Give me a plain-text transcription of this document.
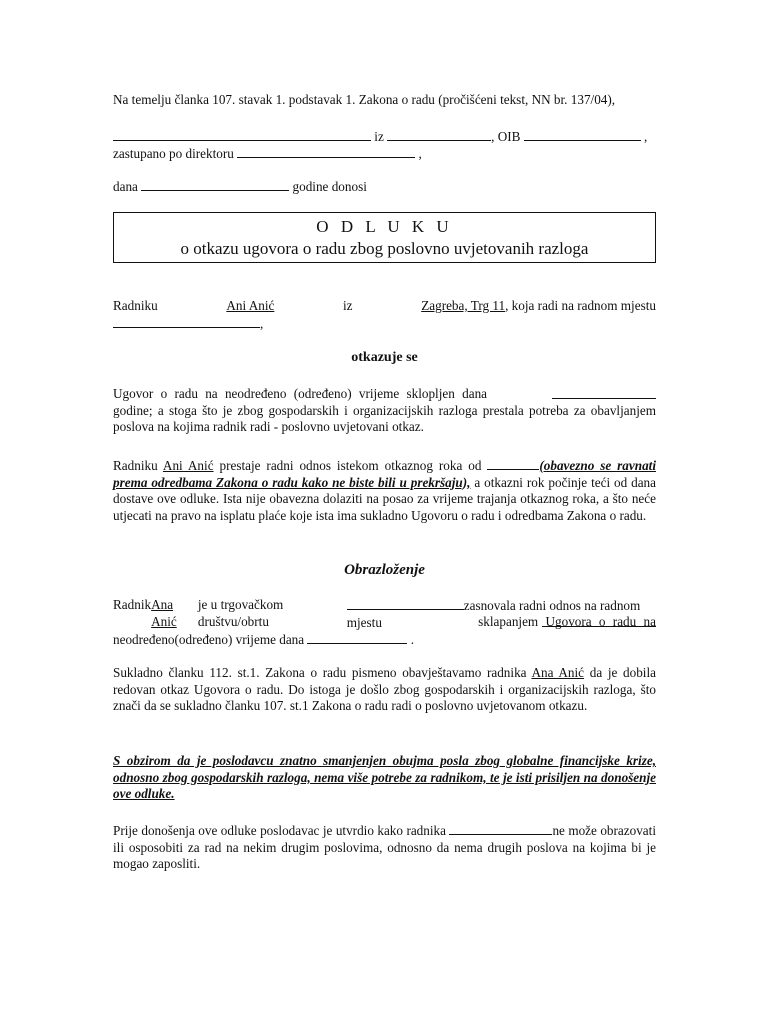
Na temelju članka 107. stavak 1. podstavak 1. Zakona o radu (pročišćeni tekst, NN br. 137/04),

iz	, OIB	,

zastupano po direktoru	,

dana	godine donosi

O D L U K U
o otkazu ugovora o radu zbog poslovno uvjetovanih razloga
Radniku	Ani Anić	iz	Zagreba, Trg 11, koja radi na radnom mjestu
,

otkazuje se

Ugovor o radu na neodređeno (određeno) vrijeme sklopljen dana

godine; a stoga što je zbog gospodarskih i organizacijskih razloga prestala potreba za obavljanjem poslova na kojima radnik radi - poslovno uvjetovani otkaz.

Radniku Ani Anić prestaje radni odnos istekom otkaznog roka od	(obavezno se ravnati prema odredbama Zakona o radu kako ne biste bili u prekršaju), a otkazni rok počinje teći od dana dostave ove odluke. Ista nije obavezna dolaziti na posao za vrijeme trajanja otkaznog roka, a što neće utjecati na pravo na isplatu plaće koje ista ima sukladno Ugovoru o radu i odredbama Zakona o radu.

Obrazloženje

Radnik Ana Anić
je u trgovačkom društvu/obrtu
zasnovala radni odnos na radnom mjestu	sklapanjem Ugovora o radu na
neodređeno(određeno) vrijeme dana	.

Sukladno članku 112. st.1. Zakona o radu pismeno obavještavamo radnika Ana Anić da je dobila redovan otkaz Ugovora o radu. Do istoga je došlo zbog gospodarskih i organizacijskih razloga, što znači da se sukladno članku 107. st.1 Zakona o radu radi o poslovno uvjetovanom otkazu.

S obzirom da je poslodavcu znatno smanjenjen obujma posla zbog globalne financijske krize, odnosno zbog gospodarskih razloga, nema više potrebe za radnikom, te je isti prisiljen na donošenje ove odluke.

Prije donošenja ove odluke poslodavac je utvrdio kako radnika	ne može obrazovati ili osposobiti za rad na nekim drugim poslovima, odnosno da nema drugih poslova na kojima bi je mogao zaposliti.
